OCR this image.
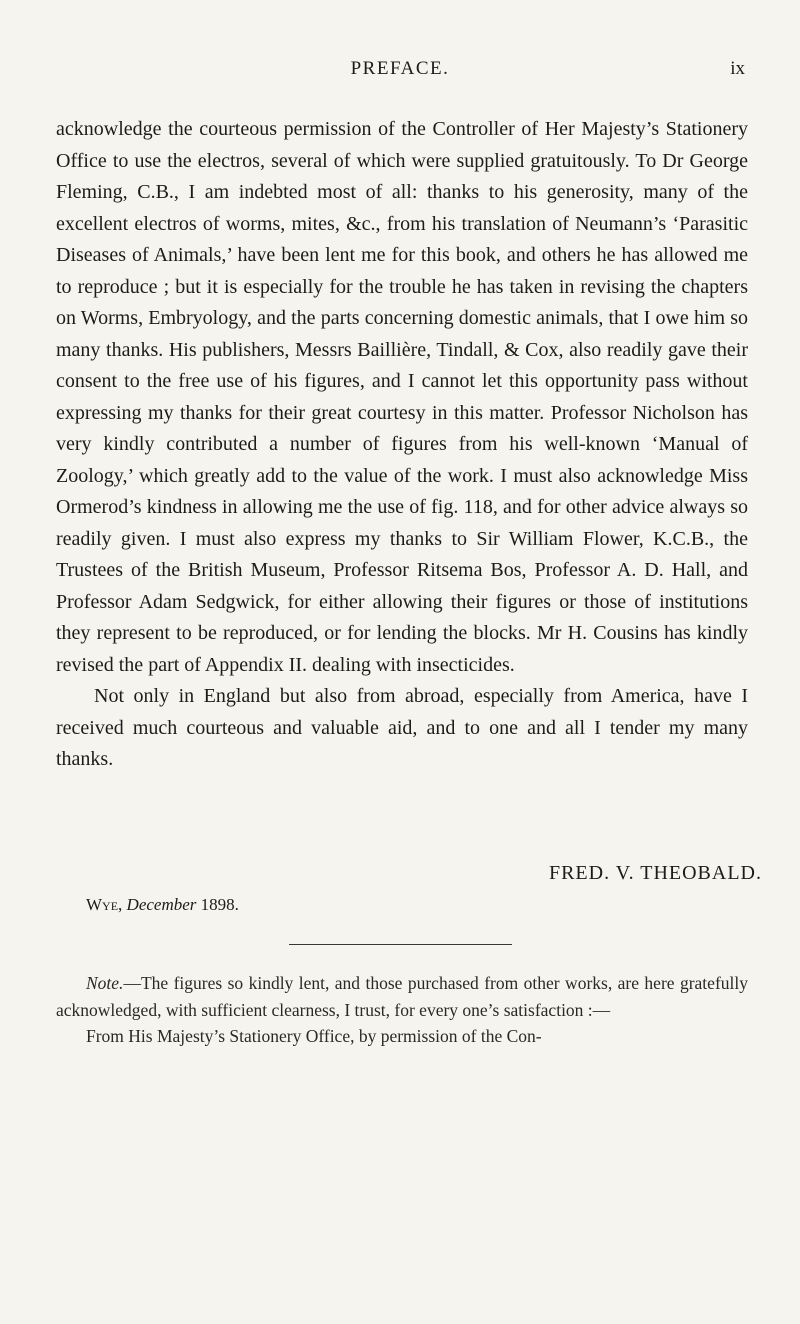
PREFACE.	ix

acknowledge the courteous permission of the Controller of Her Majesty’s Stationery Office to use the electros, several of which were supplied gratuitously. To Dr George Fleming, C.B., I am indebted most of all: thanks to his generosity, many of the excellent electros of worms, mites, &c., from his translation of Neumann’s ‘Parasitic Diseases of Animals,’ have been lent me for this book, and others he has allowed me to reproduce ; but it is especially for the trouble he has taken in revising the chapters on Worms, Embryology, and the parts concerning domestic animals, that I owe him so many thanks. His publishers, Messrs Baillière, Tindall, & Cox, also readily gave their consent to the free use of his figures, and I cannot let this opportunity pass without expressing my thanks for their great courtesy in this matter. Professor Nicholson has very kindly contributed a number of figures from his well-known ‘Manual of Zoology,’ which greatly add to the value of the work. I must also acknowledge Miss Ormerod’s kindness in allowing me the use of fig. 118, and for other advice always so readily given. I must also express my thanks to Sir William Flower, K.C.B., the Trustees of the British Museum, Professor Ritsema Bos, Professor A. D. Hall, and Professor Adam Sedgwick, for either allowing their figures or those of institutions they represent to be reproduced, or for lending the blocks. Mr H. Cousins has kindly revised the part of Appendix II. dealing with insecticides.

Not only in England but also from abroad, especially from America, have I received much courteous and valuable aid, and to one and all I tender my many thanks.

FRED. V. THEOBALD.
Wye, December 1898.

Note.—The figures so kindly lent, and those purchased from other works, are here gratefully acknowledged, with sufficient clearness, I trust, for every one’s satisfaction :—

From His Majesty’s Stationery Office, by permission of the Con-
